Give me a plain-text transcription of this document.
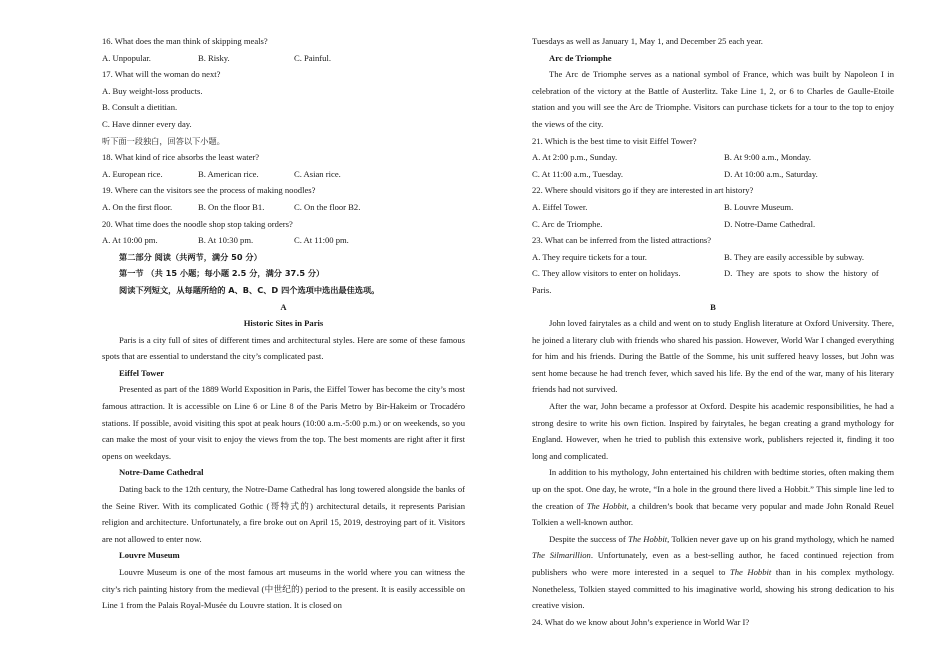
16. What does the man think of skipping meals?
A. Unpopular.	B. Risky.	C. Painful.
17. What will the woman do next?
A. Buy weight-loss products.
B. Consult a dietitian.
C. Have dinner every day.
听下面一段独白，回答以下小题。
18. What kind of rice absorbs the least water?
A. European rice.	B. American rice.	C. Asian rice.
19. Where can the visitors see the process of making noodles?
A. On the first floor.	B. On the floor B1.	C. On the floor B2.
20. What time does the noodle shop stop taking orders?
A. At 10:00 pm.	B. At 10:30 pm.	C. At 11:00 pm.
第二部分 阅读（共两节，满分 50 分）
第一节 （共 15 小题；每小题 2.5 分，满分 37.5 分）
阅读下列短文，从每题所给的 A、B、C、D 四个选项中选出最佳选项。
A
Historic Sites in Paris
Paris is a city full of sites of different times and architectural styles. Here are some of these famous spots that are essential to understand the city’s complicated past.
Eiffel Tower
Presented as part of the 1889 World Exposition in Paris, the Eiffel Tower has become the city’s most famous attraction. It is accessible on Line 6 or Line 8 of the Paris Metro by Bir-Hakeim or Trocadéro stations. If possible, avoid visiting this spot at peak hours (10:00 a.m.-5:00 p.m.) or on weekends, so you can make the most of your visit to enjoy the views from the top. The best moments are right after it first opens on weekdays.
Notre-Dame Cathedral
Dating back to the 12th century, the Notre-Dame Cathedral has long towered alongside the banks of the Seine River. With its complicated Gothic (哥特式的) architectural details, it represents Parisian religion and architecture. Unfortunately, a fire broke out on April 15, 2019, destroying part of it. Visitors are not allowed to enter now.
Louvre Museum
Louvre Museum is one of the most famous art museums in the world where you can witness the city’s rich painting history from the medieval (中世纪的) period to the present. It is easily accessible on Line 1 from the Palais Royal-Musée du Louvre station. It is closed on
Tuesdays as well as January 1, May 1, and December 25 each year.
Arc de Triomphe
The Arc de Triomphe serves as a national symbol of France, which was built by Napoleon I in celebration of the victory at the Battle of Austerlitz. Take Line 1, 2, or 6 to Charles de Gaulle-Etoile station and you will see the Arc de Triomphe. Visitors can purchase tickets for a tour to the top to enjoy the views of the city.
21. Which is the best time to visit Eiffel Tower?
A. At 2:00 p.m., Sunday.	B. At 9:00 a.m., Monday.
C. At 11:00 a.m., Tuesday.	D. At 10:00 a.m., Saturday.
22. Where should visitors go if they are interested in art history?
A. Eiffel Tower.	B. Louvre Museum.
C. Arc de Triomphe.	D. Notre-Dame Cathedral.
23. What can be inferred from the listed attractions?
A. They require tickets for a tour.	B. They are easily accessible by subway.
C. They allow visitors to enter on holidays.	D.  They  are  spots  to  show  the  history  of
Paris.
B
John loved fairytales as a child and went on to study English literature at Oxford University. There, he joined a literary club with friends who shared his passion. However, World War I changed everything for him and his friends. During the Battle of the Somme, his unit suffered heavy losses, but John was sent home because he had trench fever, which saved his life. By the end of the war, many of his literary friends had not survived.
After the war, John became a professor at Oxford. Despite his academic responsibilities, he had a strong desire to write his own fiction. Inspired by fairytales, he began creating a grand mythology for England. However, when he tried to publish this extensive work, publishers rejected it, finding it too long and complicated.
In addition to his mythology, John entertained his children with bedtime stories, often making them up on the spot. One day, he wrote, “In a hole in the ground there lived a Hobbit.” This simple line led to the creation of The Hobbit, a children’s book that became very popular and made John Ronald Reuel Tolkien a well-known author.
Despite the success of The Hobbit, Tolkien never gave up on his grand mythology, which he named The Silmarillion. Unfortunately, even as a best-selling author, he faced continued rejection from publishers who were more interested in a sequel to The Hobbit than in his complex mythology. Nonetheless, Tolkien stayed committed to his imaginative world, showing his strong dedication to his creative vision.
24. What do we know about John’s experience in World War I?
